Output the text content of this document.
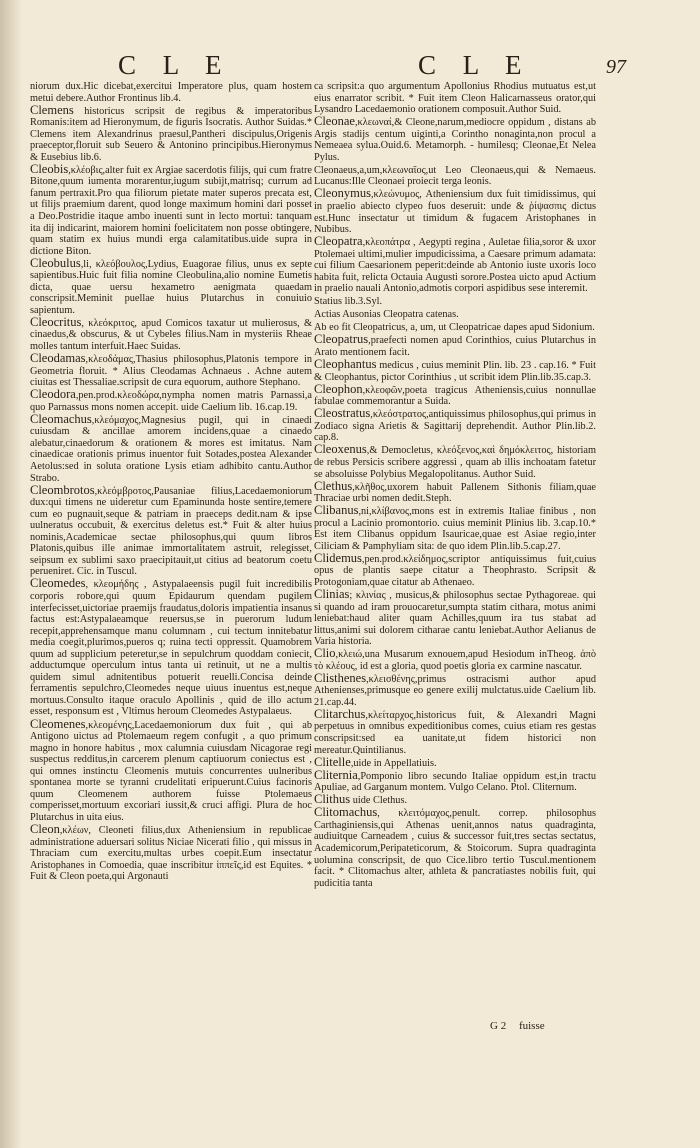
C L E	C L E	97

niorum dux.Hic dicebat,exercitui Imperatore plus, quam hostem metui debere.Author Frontinus lib.4.

Clemens historicus scripsit de regibus & imperatoribus Romanis:item ad Hieronymum, de figuris Isocratis. Author Suidas.* Clemens item Alexandrinus praesul,Pantheri discipulus,Origenis praeceptor,floruit sub Seuero & Antonino principibus.Hieronymus & Eusebius lib.6.

Cleobis,κλέοβις,alter fuit ex Argiae sacerdotis filijs, qui cum fratre Bitone,quum iumenta morarentur,iugum subijt,matrisq; currum ad fanum pertraxit.Pro qua filiorum pietate mater superos precata est, ut filijs praemium darent, quod longe maximum homini dari posset a Deo.Postridie itaque ambo inuenti sunt in lecto mortui: tanquam ita dij indicarint, maiorem homini foelicitatem non posse obtingere, quam statim ex huius mundi erga calamitatibus.uide supra in dictione Biton.

Cleobulus,li, κλεόβουλος,Lydius, Euagorae filius, unus ex septe sapientibus.Huic fuit filia nomine Cleobulina,alio nomine Eumetis dicta, quae uersu hexametro aenigmata quaedam conscripsit.Meminit puellae huius Plutarchus in conuiuio sapientum.

Cleocritus, κλεόκριτος, apud Comicos taxatur ut mulierosus, & cinaedus,& obscurus, & ut Cybeles filius.Nam in mysteriis Rheae molles tantum interfuit.Haec Suidas.

Cleodamas,κλεοδάμας,Thasius philosophus,Platonis tempore in Geometria floruit. * Alius Cleodamas Achnaeus . Achne autem ciuitas est Thessaliae.scripsit de cura equorum, authore Stephano.

Cleodora,pen.prod.κλεοδώρα,nympha nomen matris Parnassi,a quo Parnassus mons nomen accepit. uide Caelium lib. 16.cap.19.

Cleomachus,κλεόμαχος,Magnesius pugil, qui in cinaedi cuiusdam & ancillae amorem incidens,quae a cinaedo alebatur,cinaedorum & orationem & mores est imitatus. Nam cinaedicae orationis primus inuentor fuit Sotades,postea Alexander Aetolus:sed in soluta oratione Lysis etiam adhibito cantu.Author Strabo.

Cleombrotos,κλεόμβροτος,Pausaniae filius,Lacedaemoniorum dux:qui timens ne uideretur cum Epaminunda hoste sentire,temere cum eo pugnauit,seque & patriam in praeceps dedit.nam & ipse uulneratus occubuit, & exercitus deletus est.* Fuit & alter huius nominis,Academicae sectae philosophus,qui quum libros Platonis,quibus ille animae immortalitatem astruit, relegisset, seipsum ex sublimi saxo praecipitauit,ut citius ad beatorum coetu perueniret. Cic. in Tuscul.

Cleomedes, κλεομήδης , Astypalaeensis pugil fuit incredibilis corporis robore,qui quum Epidaurum quendam pugilem interfecisset,uictoriae praemijs fraudatus,doloris impatientia insanus factus est:Astypalaeamque reuersus,se in puerorum ludum recepit,apprehensamque manu columnam , cui tectum innitebatur media coegit,plurimos,pueros q; ruina tecti oppressit. Quamobrem quum ad supplicium peteretur,se in sepulchrum quoddam coniecit, adductumque operculum intus tanta ui retinuit, ut ne a multis quidem simul adnitentibus potuerit reuelli.Concisa deinde ferramentis sepulchro,Cleomedes neque uiuus inuentus est,neque mortuus.Consulto itaque oraculo Apollinis , quid de illo actum esset, responsum est , Vltimus heroum Cleomedes Astypalaeus.

Cleomenes,κλεομένης,Lacedaemoniorum dux fuit , qui ab Antigono uictus ad Ptolemaeum regem confugit , a quo primum magno in honore habitus , mox calumnia cuiusdam Nicagorae regi suspectus redditus,in carcerem plenum captiuorum coniectus est , qui omnes instinctu Cleomenis mutuis concurrentes uulneribus spontanea morte se tyranni crudelitati eripuerunt.Cuius facinoris quum Cleomenem authorem fuisse Ptolemaeus comperisset,mortuum excoriari iussit,& cruci affigi. Plura de hoc Plutarchus in uita eius.

Cleon,κλέων, Cleoneti filius,dux Atheniensium in republicae administratione aduersari solitus Niciae Nicerati filio , qui missus in Thraciam cum exercitu,multas urbes coepit.Eum insectatur Aristophanes in Comoedia, quae inscribitur ἱππεῖς,id est Equites. * Fuit & Cleon poeta,qui Argonauti

ca scripsit:a quo argumentum Apollonius Rhodius mutuatus est,ut eius enarrator scribit. * Fuit item Cleon Halicarnasseus orator,qui Lysandro Lacedaemonio orationem composuit.Author Suid.

Cleonae,κλεωναί,& Cleone,narum,mediocre oppidum , distans ab Argis stadijs centum uiginti,a Corintho nonaginta,non procul a Nemeaea sylua.Ouid.6. Metamorph. - humilesq; Cleonae,Et Nelea Pylus.

Cleonaeus,a,um,κλεωναῖος,ut Leo Cleonaeus,qui & Nemaeus. Lucanus:Ille Cleonaei proiecit terga leonis.

Cleonymus,κλεώνυμος, Atheniensium dux fuit timidissimus, qui in praelio abiecto clypeo fuos deseruit: unde & ῥίψασπις dictus est.Hunc insectatur ut timidum & fugacem Aristophanes in Nubibus.

Cleopatra,κλεοπάτρα , Aegypti regina , Auletae filia,soror & uxor Ptolemaei ultimi,mulier impudicissima, a Caesare primum adamata: cui filium Caesarionem peperit:deinde ab Antonio iuste uxoris loco habita fuit, relicta Octauia Augusti sorore.Postea uicto apud Actium in praelio nauali Antonio,admotis corpori aspidibus sese interemit.

Statius lib.3.Syl.

Actias Ausonias Cleopatra catenas.

Ab eo fit Cleopatricus, a, um, ut Cleopatricae dapes apud Sidonium.

Cleopatrus,praefecti nomen apud Corinthios, cuius Plutarchus in Arato mentionem facit.

Cleophantus medicus , cuius meminit Plin. lib. 23 . cap.16. * Fuit & Cleophantus, pictor Corinthius , ut scribit idem Plin.lib.35.cap.3.

Cleophon,κλεοφῶν,poeta tragicus Atheniensis,cuius nonnullae fabulae commemorantur a Suida.

Cleostratus,κλεόστρατος,antiquissimus philosophus,qui primus in Zodiaco signa Arietis & Sagittarij deprehendit. Author Plin.lib.2. cap.8.

Cleoxenus,& Democletus, κλεόξενος,καὶ δημόκλειτος, historiam de rebus Persicis scribere aggressi , quam ab illis inchoatam fatetur se absoluisse Polybius Megalopolitanus. Author Suid.

Clethus,κλῆθος,uxorem habuit Pallenem Sithonis filiam,quae Thraciae urbi nomen dedit.Steph.

Clibanus,ni,κλίβανος,mons est in extremis Italiae finibus , non procul a Lacinio promontorio. cuius meminit Plinius lib. 3.cap.10.* Est item Clibanus oppidum Isauricae,quae est Asiae regio,inter Ciliciam & Pamphyliam sita: de quo idem Plin.lib.5.cap.27.

Clidemus,pen.prod.κλείδημος,scriptor antiquissimus fuit,cuius opus de plantis saepe citatur a Theophrasto. Scripsit & Protogoniam,quae citatur ab Athenaeo.

Clinias; κλινίας , musicus,& philosophus sectae Pythagoreae. qui si quando ad iram prouocaretur,sumpta statim cithara, motus animi leniebat:haud aliter quam Achilles,quum ira tus stabat ad littus,animi sui dolorem citharae cantu leniebat.Author Aelianus de Varia historia.

Clio,κλειώ,una Musarum exnouem,apud Hesiodum inTheog. ἀπὸ τὸ κλέους, id est a gloria, quod poetis gloria ex carmine nascatur.

Clisthenes,κλεισθένης,primus ostracismi author apud Athenienses,primusque eo genere exilij mulctatus.uide Caelium lib. 21.cap.44.

Clitarchus,κλείταρχος,historicus fuit, & Alexandri Magni perpetuus in omnibus expeditionibus comes, cuius etiam res gestas conscripsit:sed ea uanitate,ut fidem historici non mereatur.Quintilianus.

Clitelle,uide in Appellatiuis.

Cliternia,Pomponio libro secundo Italiae oppidum est,in tractu Apuliae, ad Garganum montem. Vulgo Celano. Ptol. Cliternum.

Clithus uide Clethus.

Clitomachus, κλειτόμαχος,penult. correp. philosophus Carthaginiensis,qui Athenas uenit,annos natus quadraginta, audiuitque Carneadem , cuius & successor fuit,tres sectas sectatus, Academicorum,Peripateticorum, & Stoicorum. Supra quadraginta uolumina conscripsit, de quo Cice.libro tertio Tuscul.mentionem facit. * Clitomachus alter, athleta & pancratiastes nobilis fuit, qui pudicitia tanta

G 2 fuisse
